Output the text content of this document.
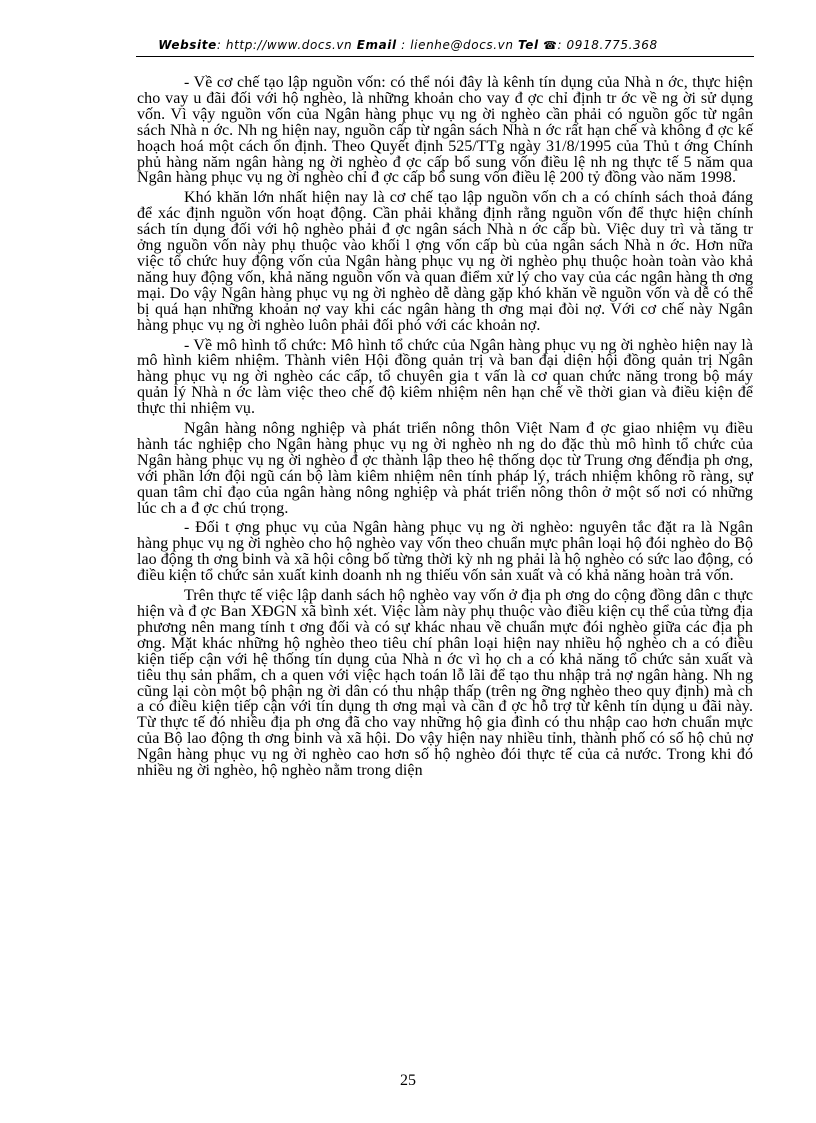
Website: http://www.docs.vn Email : lienhe@docs.vn Tel ☎: 0918.775.368

- Về cơ chế tạo lập nguồn vốn: có thể nói đây là kênh tín dụng của Nhà n ớc, thực hiện cho vay u đãi đối với hộ nghèo, là những khoản cho vay đ ợc chỉ định tr ớc về ng ời sử dụng vốn. Vì vậy nguồn vốn của Ngân hàng phục vụ ng ời nghèo cần phải có nguồn gốc từ ngân sách Nhà n ớc. Nh ng hiện nay, nguồn cấp từ ngân sách Nhà n ớc rất hạn chế và không đ ợc kế hoạch hoá một cách ổn định. Theo Quyết định 525/TTg ngày 31/8/1995 của Thủ t ớng Chính phủ hàng năm ngân hàng ng ời nghèo đ ợc cấp bổ sung vốn điều lệ nh ng thực tế 5 năm qua Ngân hàng phục vụ ng ời nghèo chỉ đ ợc cấp bổ sung vốn điều lệ 200 tỷ đồng vào năm 1998.

Khó khăn lớn nhất hiện nay là cơ chế tạo lập nguồn vốn ch a có chính sách thoả đáng để xác định nguồn vốn hoạt động. Cần phải khẳng định rằng nguồn vốn để thực hiện chính sách tín dụng đối với hộ nghèo phải đ ợc ngân sách Nhà n ớc cấp bù. Việc duy trì và tăng tr ởng nguồn vốn này phụ thuộc vào khối l ợng vốn cấp bù của ngân sách Nhà n ớc. Hơn nữa việc tổ chức huy động vốn của Ngân hàng phục vụ ng ời nghèo phụ thuộc hoàn toàn vào khả năng huy động vốn, khả năng nguồn vốn và quan điểm xử lý cho vay của các ngân hàng th ơng mại. Do vậy Ngân hàng phục vụ ng ời nghèo dễ dàng gặp khó khăn về nguồn vốn và dễ có thể bị quá hạn những khoản nợ vay khi các ngân hàng th ơng mại đòi nợ. Với cơ chế này Ngân hàng phục vụ ng ời nghèo luôn phải đối phó với các khoản nợ.

- Về mô hình tổ chức: Mô hình tổ chức của Ngân hàng phục vụ ng ời nghèo hiện nay là mô hình kiêm nhiệm. Thành viên Hội đồng quản trị và ban đại diện hội đồng quản trị Ngân hàng phục vụ ng ời nghèo các cấp, tổ chuyên gia t vấn là cơ quan chức năng trong bộ máy quản lý Nhà n ớc làm việc theo chế độ kiêm nhiệm nên hạn chế về thời gian và điều kiện để thực thi nhiệm vụ.

Ngân hàng nông nghiệp và phát triển nông thôn Việt Nam đ ợc giao nhiệm vụ điều hành tác nghiệp cho Ngân hàng phục vụ ng ời nghèo nh ng do đặc thù mô hình tổ chức của Ngân hàng phục vụ ng ời nghèo đ ợc thành lập theo hệ thống dọc từ Trung ơng đếnđịa ph ơng, với phần lớn đội ngũ cán bộ làm kiêm nhiệm nên tính pháp lý, trách nhiệm không rõ ràng, sự quan tâm chỉ đạo của ngân hàng nông nghiệp và phát triển nông thôn ở một số nơi có những lúc ch a đ ợc chú trọng.

- Đối t ợng phục vụ của Ngân hàng phục vụ ng ời nghèo: nguyên tắc đặt ra là Ngân hàng phục vụ ng ời nghèo cho hộ nghèo vay vốn theo chuẩn mực phân loại hộ đói nghèo do Bộ lao động th ơng binh và xã hội công bố từng thời kỳ nh ng phải là hộ nghèo có sức lao động, có điều kiện tổ chức sản xuất kinh doanh nh ng thiếu vốn sản xuất và có khả năng hoàn trả vốn.

Trên thực tế việc lập danh sách hộ nghèo vay vốn ở địa ph ơng do cộng đồng dân c thực hiện và đ ợc Ban XĐGN xã bình xét. Việc làm này phụ thuộc vào điều kiện cụ thể của từng địa phương nên mang tính t ơng đối và có sự khác nhau về chuẩn mực đói nghèo giữa các địa ph ơng. Mặt khác những hộ nghèo theo tiêu chí phân loại hiện nay nhiều hộ nghèo ch a có điều kiện tiếp cận với hệ thống tín dụng của Nhà n ớc vì họ ch a có khả năng tổ chức sản xuất và tiêu thụ sản phẩm, ch a quen với việc hạch toán lỗ lãi để tạo thu nhập trả nợ ngân hàng. Nh ng cũng lại còn một bộ phận ng ời dân có thu nhập thấp (trên ng ỡng nghèo theo quy định) mà ch a có điều kiện tiếp cận với tín dụng th ơng mại và cần đ ợc hỗ trợ từ kênh tín dụng u đãi này. Từ thực tế đó nhiều địa ph ơng đã cho vay những hộ gia đình có thu nhập cao hơn chuẩn mực của Bộ lao động th ơng binh và xã hội. Do vậy hiện nay nhiều tỉnh, thành phố có số hộ chủ nợ Ngân hàng phục vụ ng ời nghèo cao hơn số hộ nghèo đói thực tế của cả nước. Trong khi đó nhiều ng ời nghèo, hộ nghèo nằm trong diện

25
